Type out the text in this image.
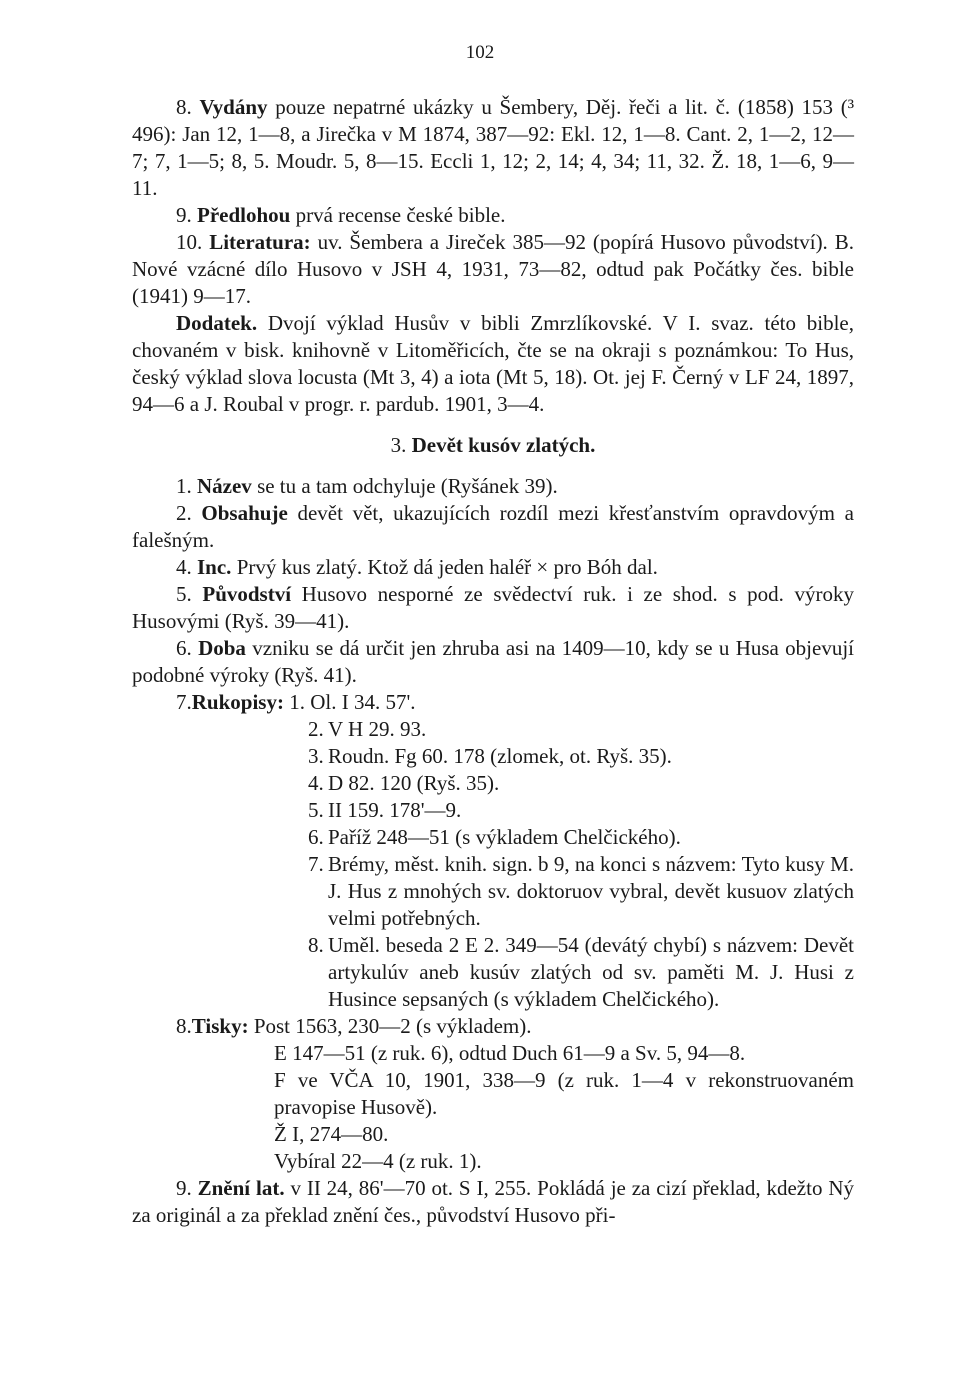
102

8. Vydány pouze nepatrné ukázky u Šembery, Děj. řeči a lit. č. (1858) 153 (³ 496): Jan 12, 1—8, a Jirečka v M 1874, 387—92: Ekl. 12, 1—8. Cant. 2, 1—2, 12—7; 7, 1—5; 8, 5. Moudr. 5, 8—15. Eccli 1, 12; 2, 14; 4, 34; 11, 32. Ž. 18, 1—6, 9—11.

9. Předlohou prvá recense české bible.

10. Literatura: uv. Šembera a Jireček 385—92 (popírá Husovo původství). B. Nové vzácné dílo Husovo v JSH 4, 1931, 73—82, odtud pak Počátky čes. bible (1941) 9—17.

Dodatek. Dvojí výklad Husův v bibli Zmrzlíkovské. V I. svaz. této bible, chovaném v bisk. knihovně v Litoměřicích, čte se na okraji s poznámkou: To Hus, český výklad slova locusta (Mt 3, 4) a iota (Mt 5, 18). Ot. jej F. Černý v LF 24, 1897, 94—6 a J. Roubal v progr. r. pardub. 1901, 3—4.

3. Devět kusóv zlatých.

1. Název se tu a tam odchyluje (Ryšánek 39).

2. Obsahuje devět vět, ukazujících rozdíl mezi křesťanstvím opravdovým a falešným.

4. Inc. Prvý kus zlatý. Ktož dá jeden haléř × pro Bóh dal.

5. Původství Husovo nesporné ze svědectví ruk. i ze shod. s pod. výroky Husovými (Ryš. 39—41).

6. Doba vzniku se dá určit jen zhruba asi na 1409—10, kdy se u Husa objevují podobné výroky (Ryš. 41).

7. Rukopisy:
1. Ol. I 34. 57'.
2. V H 29. 93.
3. Roudn. Fg 60. 178 (zlomek, ot. Ryš. 35).
4. D 82. 120 (Ryš. 35).
5. II 159. 178'—9.
6. Paříž 248—51 (s výkladem Chelčického).
7. Brémy, měst. knih. sign. b 9, na konci s názvem: Tyto kusy M. J. Hus z mnohých sv. doktoruov vybral, devět kusuov zlatých velmi potřebných.
8. Uměl. beseda 2 E 2. 349—54 (devátý chybí) s názvem: Devět artykulúv aneb kusúv zlatých od sv. paměti M. J. Husi z Husince sepsaných (s výkladem Chelčického).
8. Tisky:
Post 1563, 230—2 (s výkladem).

E 147—51 (z ruk. 6), odtud Duch 61—9 a Sv. 5, 94—8.

F ve VČA 10, 1901, 338—9 (z ruk. 1—4 v rekonstruovaném pravopise Husově).

Ž I, 274—80.

Vybíral 22—4 (z ruk. 1).

9. Znění lat. v II 24, 86'—70 ot. S I, 255. Pokládá je za cizí překlad, kdežto Ný za originál a za překlad znění čes., původství Husovo při-
